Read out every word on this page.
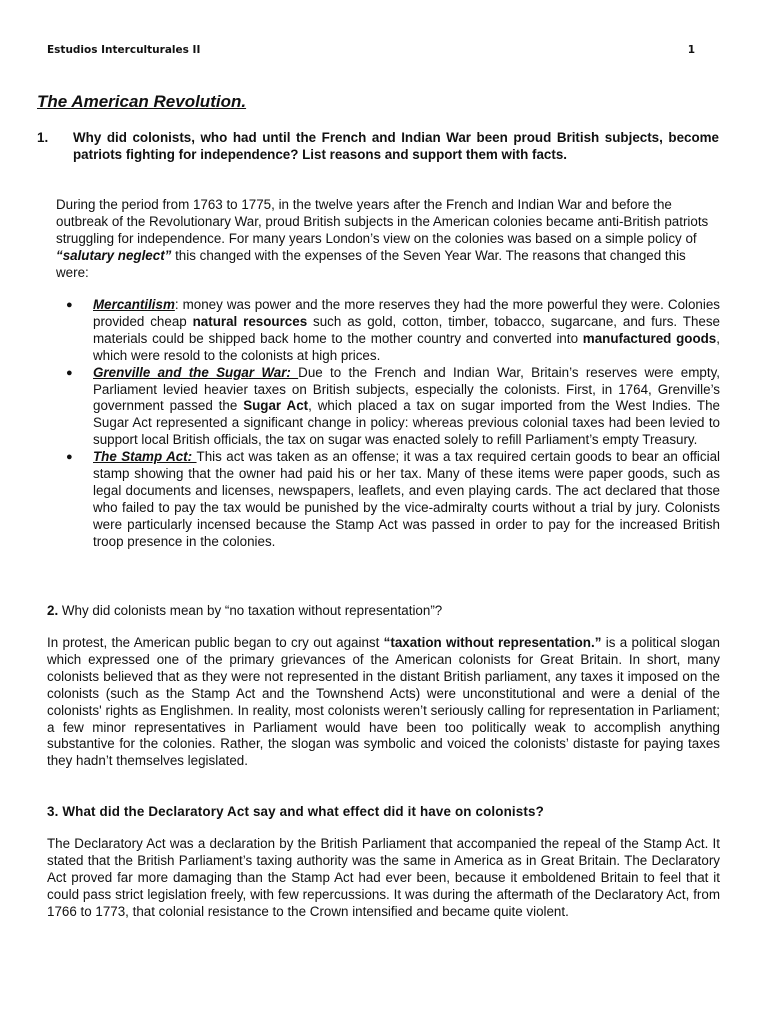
Estudios Interculturales II	1
The American Revolution.
1. Why did colonists, who had until the French and Indian War been proud British subjects, become patriots fighting for independence? List reasons and support them with facts.
During the period from 1763 to 1775, in the twelve years after the French and Indian War and before the outbreak of the Revolutionary War, proud British subjects in the American colonies became anti-British patriots struggling for independence. For many years London’s view on the colonies was based on a simple policy of “salutary neglect” this changed with the expenses of the Seven Year War. The reasons that changed this were:
● Mercantilism: money was power and the more reserves they had the more powerful they were. Colonies provided cheap natural resources such as gold, cotton, timber, tobacco, sugarcane, and furs. These materials could be shipped back home to the mother country and converted into manufactured goods, which were resold to the colonists at high prices.
● Grenville and the Sugar War: Due to the French and Indian War, Britain’s reserves were empty, Parliament levied heavier taxes on British subjects, especially the colonists. First, in 1764, Grenville’s government passed the Sugar Act, which placed a tax on sugar imported from the West Indies. The Sugar Act represented a significant change in policy: whereas previous colonial taxes had been levied to support local British officials, the tax on sugar was enacted solely to refill Parliament’s empty Treasury.
● The Stamp Act: This act was taken as an offense; it was a tax required certain goods to bear an official stamp showing that the owner had paid his or her tax. Many of these items were paper goods, such as legal documents and licenses, newspapers, leaflets, and even playing cards. The act declared that those who failed to pay the tax would be punished by the vice-admiralty courts without a trial by jury. Colonists were particularly incensed because the Stamp Act was passed in order to pay for the increased British troop presence in the colonies.
2. Why did colonists mean by “no taxation without representation”?
In protest, the American public began to cry out against “taxation without representation.” is a political slogan which expressed one of the primary grievances of the American colonists for Great Britain. In short, many colonists believed that as they were not represented in the distant British parliament, any taxes it imposed on the colonists (such as the Stamp Act and the Townshend Acts) were unconstitutional and were a denial of the colonists' rights as Englishmen. In reality, most colonists weren’t seriously calling for representation in Parliament; a few minor representatives in Parliament would have been too politically weak to accomplish anything substantive for the colonies. Rather, the slogan was symbolic and voiced the colonists’ distaste for paying taxes they hadn’t themselves legislated.
3. What did the Declaratory Act say and what effect did it have on colonists?
The Declaratory Act was a declaration by the British Parliament that accompanied the repeal of the Stamp Act. It stated that the British Parliament’s taxing authority was the same in America as in Great Britain. The Declaratory Act proved far more damaging than the Stamp Act had ever been, because it emboldened Britain to feel that it could pass strict legislation freely, with few repercussions. It was during the aftermath of the Declaratory Act, from 1766 to 1773, that colonial resistance to the Crown intensified and became quite violent.
